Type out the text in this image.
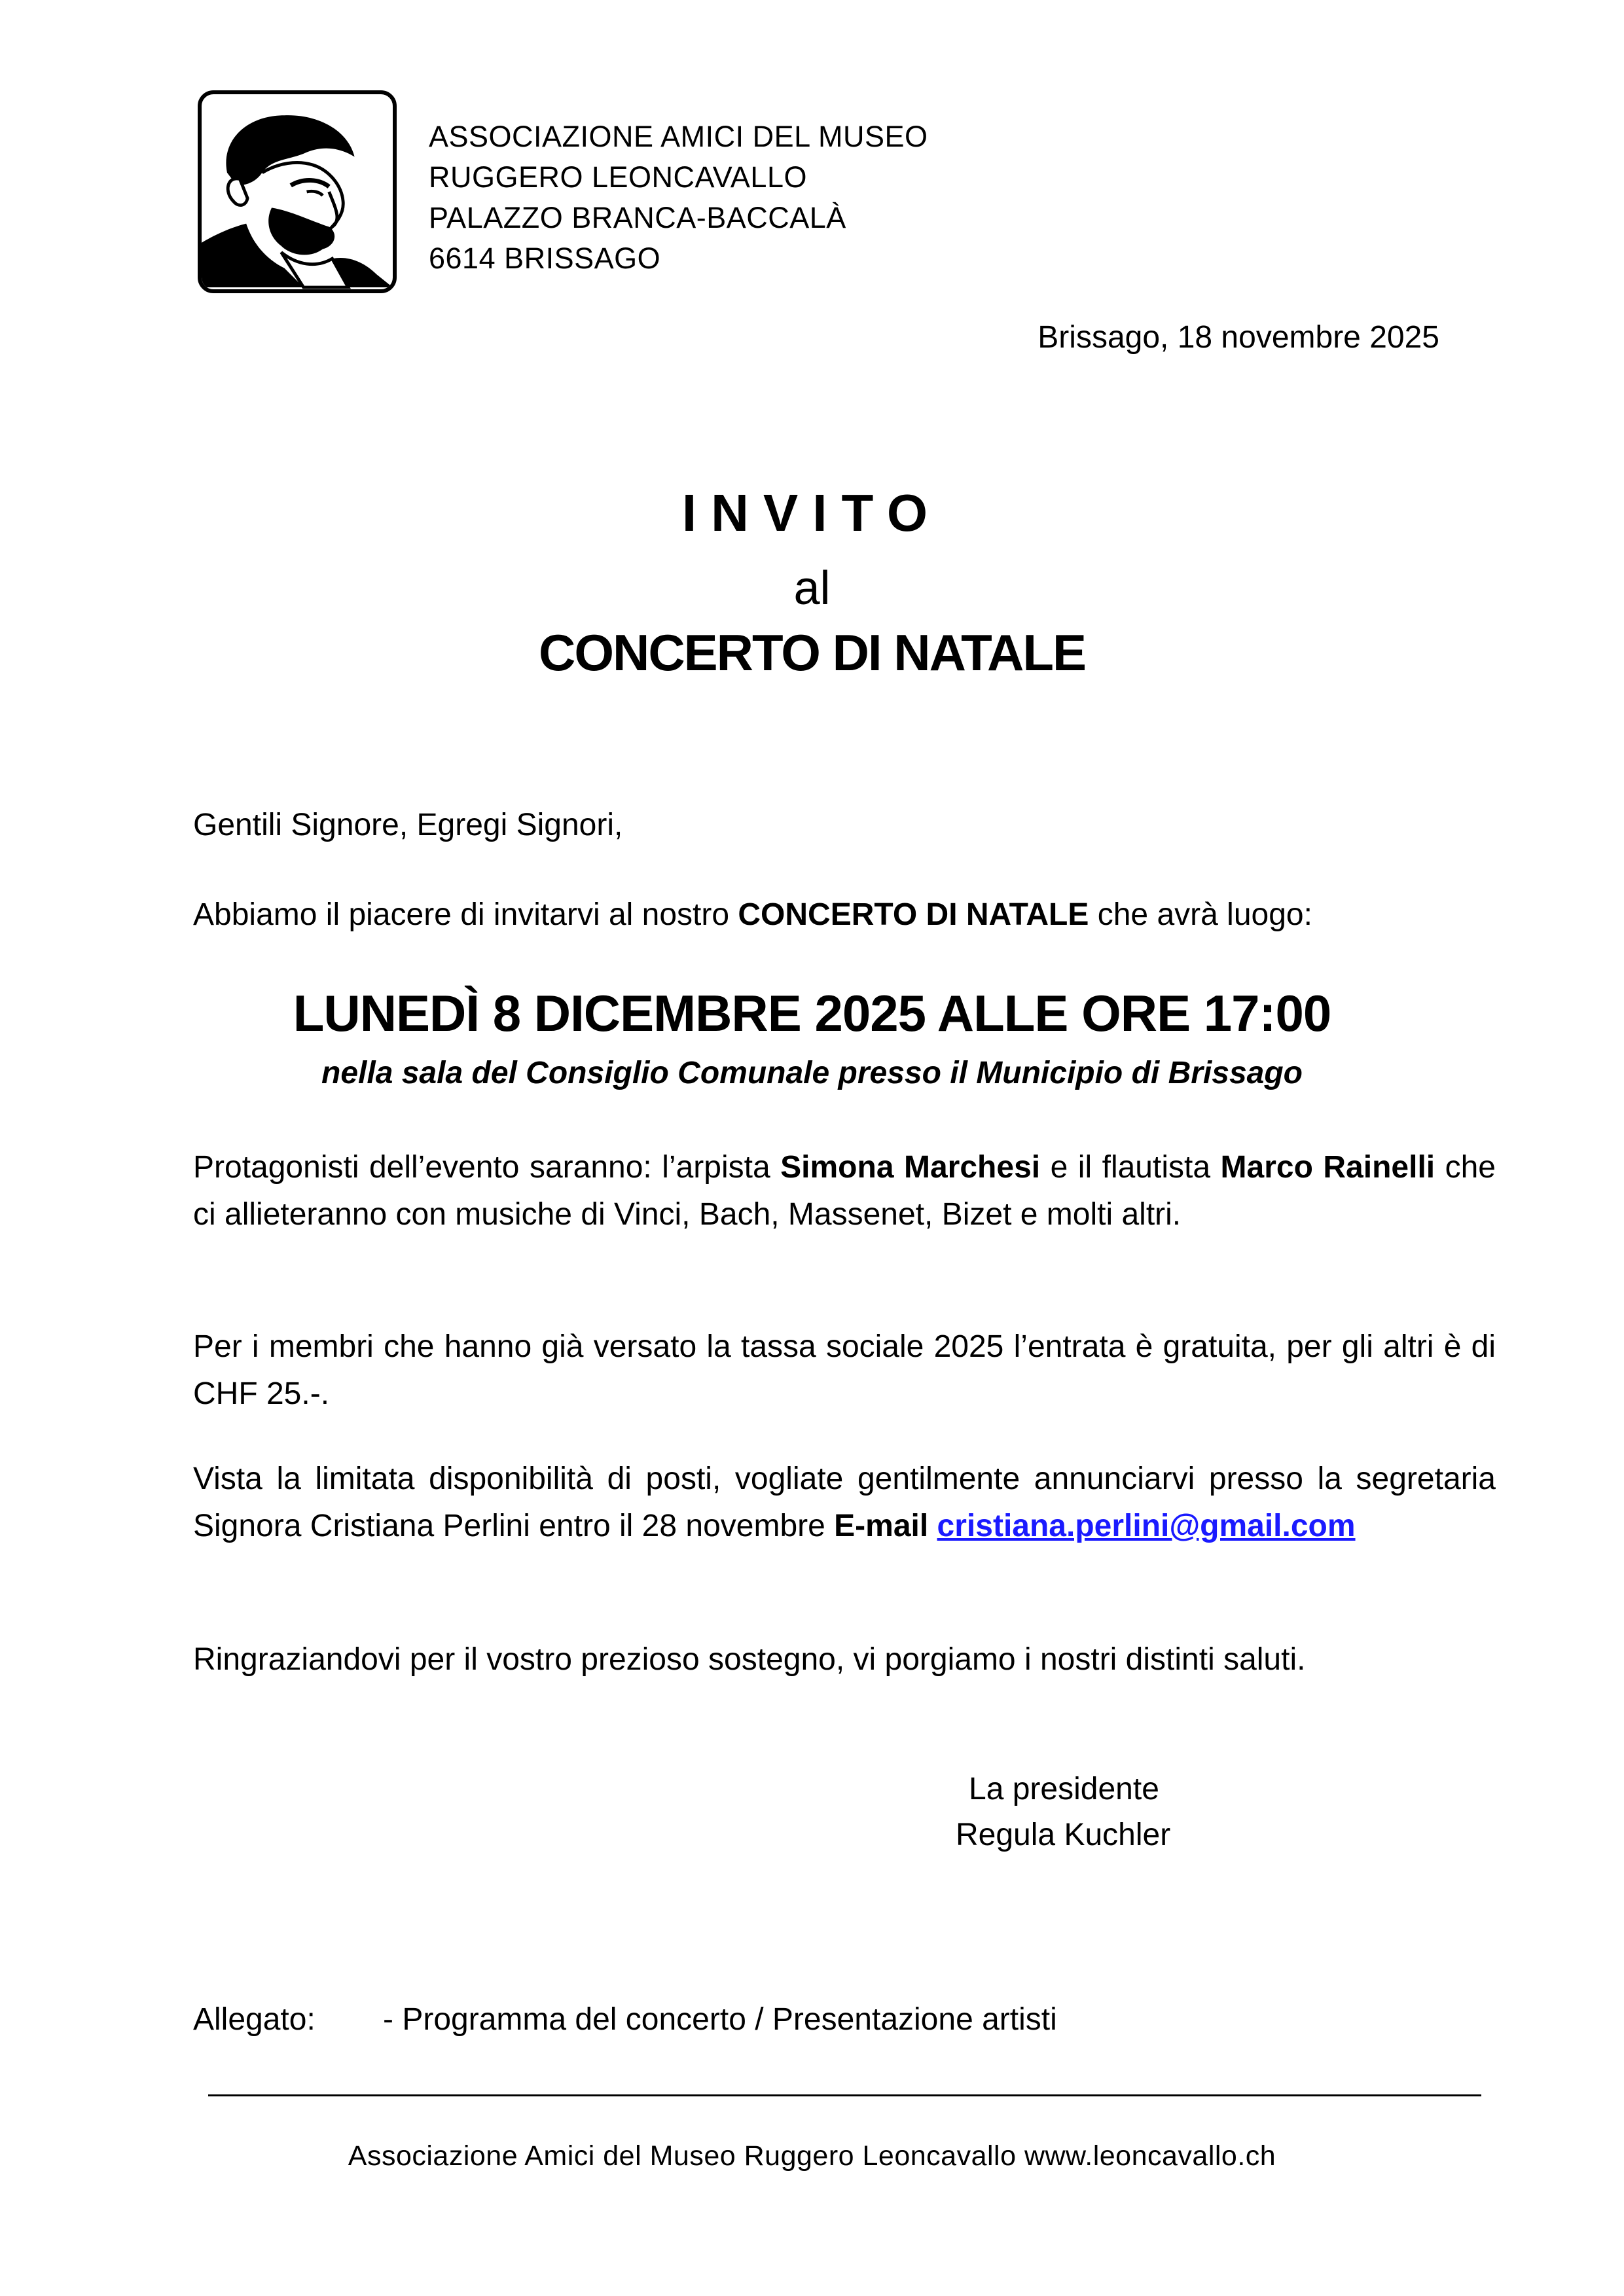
ASSOCIAZIONE AMICI DEL MUSEO
RUGGERO LEONCAVALLO
PALAZZO BRANCA-BACCALÀ
6614 BRISSAGO
Brissago, 18 novembre 2025
INVITO
al
CONCERTO DI NATALE
Gentili Signore, Egregi Signori,
Abbiamo il piacere di invitarvi al nostro CONCERTO DI NATALE che avrà luogo:
LUNEDÌ 8 DICEMBRE 2025 ALLE ORE 17:00
nella sala del Consiglio Comunale presso il Municipio di Brissago
Protagonisti dell’evento saranno: l’arpista Simona Marchesi e il flautista Marco Rainelli che ci allieteranno con musiche di Vinci, Bach, Massenet, Bizet e molti altri.
Per i membri che hanno già versato la tassa sociale 2025 l’entrata è gratuita, per gli altri è di CHF 25.-.
Vista la limitata disponibilità di posti, vogliate gentilmente annunciarvi presso la segretaria Signora Cristiana Perlini entro il 28 novembre E-mail cristiana.perlini@gmail.com
Ringraziandovi per il vostro prezioso sostegno, vi porgiamo i nostri distinti saluti.
La presidente
Regula Kuchler
Allegato: - Programma del concerto / Presentazione artisti
Associazione Amici del Museo Ruggero Leoncavallo www.leoncavallo.ch
